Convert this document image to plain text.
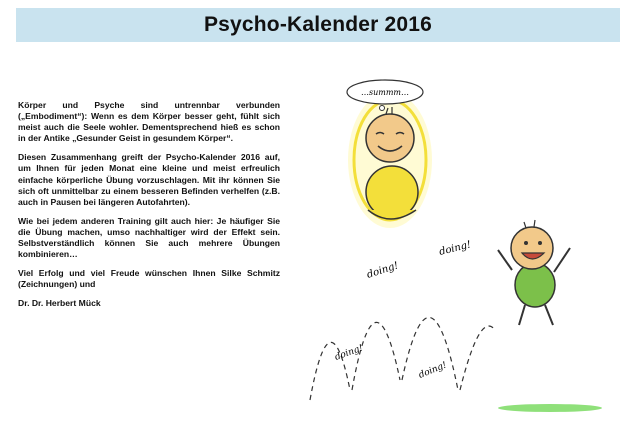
Psycho-Kalender 2016

Körper und Psyche sind untrennbar verbunden („Embodiment“): Wenn es dem Körper besser geht, fühlt sich meist auch die Seele wohler. Dementsprechend hieß es schon in der Antike „Gesunder Geist in gesundem Körper“.

Diesen Zusammenhang greift der Psycho-Kalender 2016 auf, um Ihnen für jeden Monat eine kleine und meist erfreulich einfache körperliche Übung vorzuschlagen. Mit ihr können Sie sich oft unmittelbar zu einem besseren Befinden verhelfen (z.B. auch in Pausen bei längeren Autofahrten).

Wie bei jedem anderen Training gilt auch hier: Je häufiger Sie die Übung machen, umso nachhaltiger wird der Effekt sein. Selbstverständlich können Sie auch mehrere Übungen kombinieren…

Viel Erfolg und viel Freude wünschen Ihnen Silke Schmitz (Zeichnungen) und

Dr. Dr. Herbert Mück

…summm…
doing!
doing!
doing!
doing!
